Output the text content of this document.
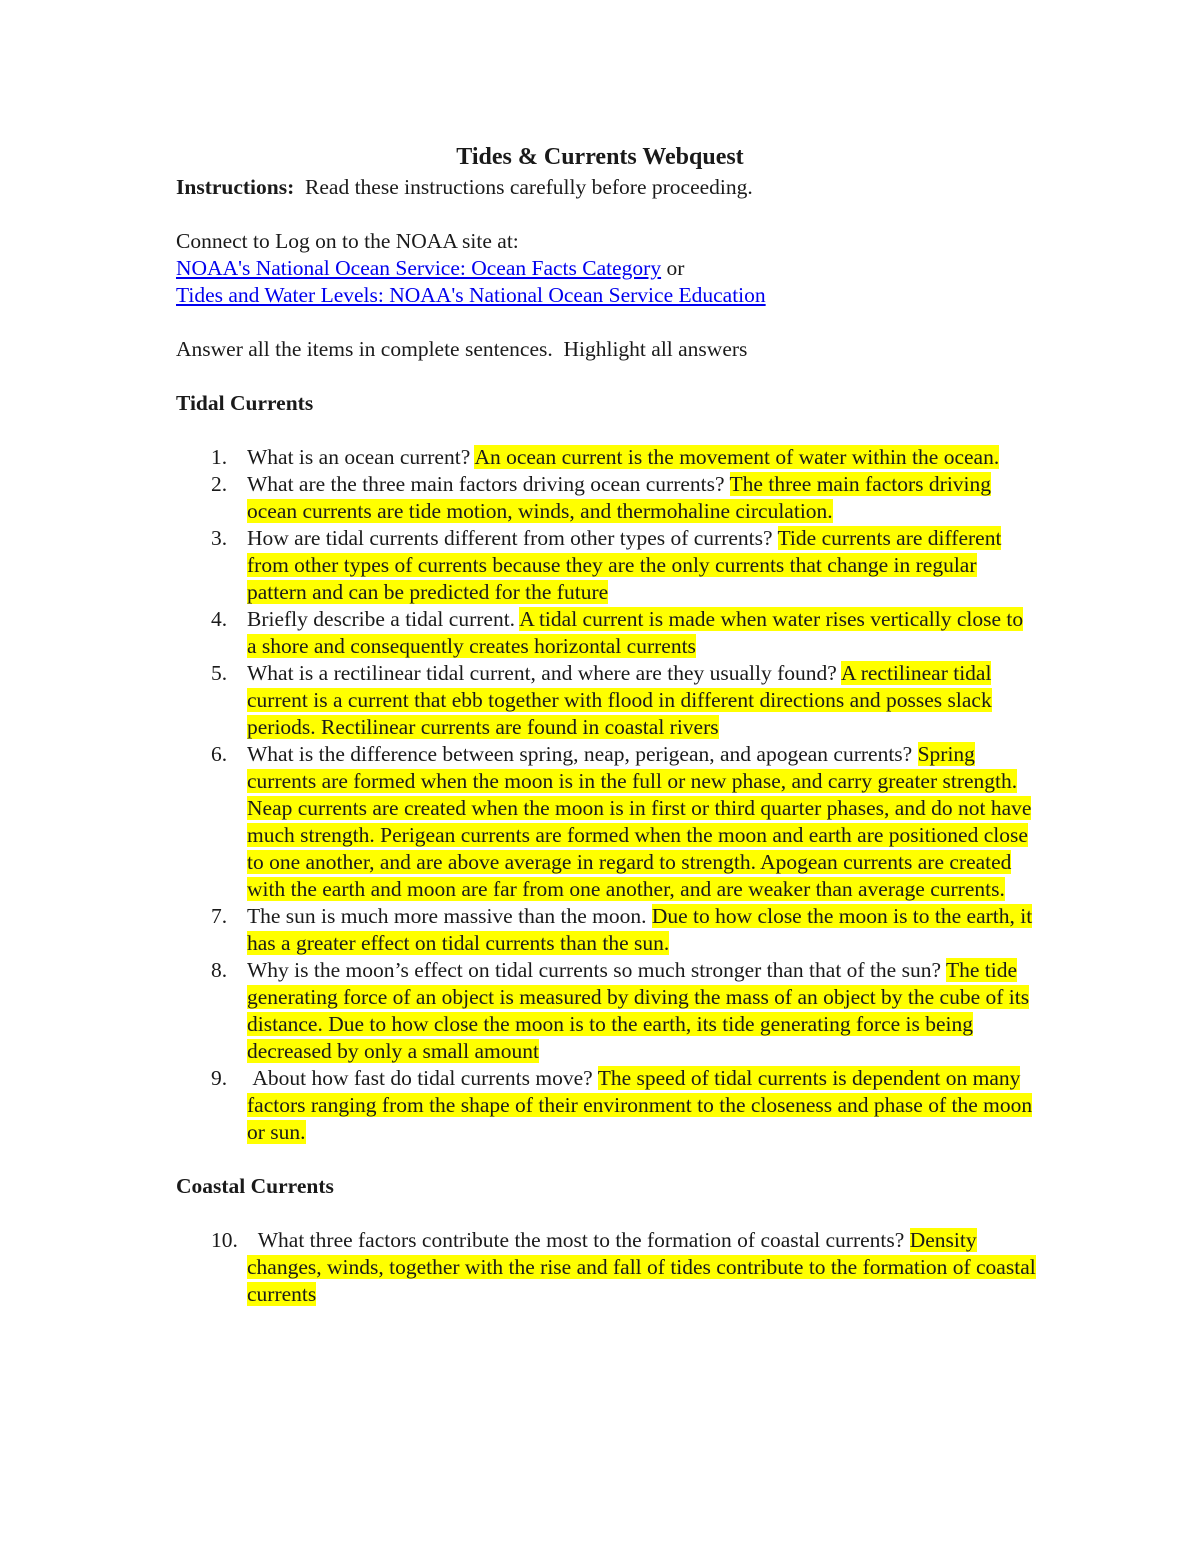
Tides & Currents Webquest

Instructions:  Read these instructions carefully before proceeding.

Connect to Log on to the NOAA site at:

NOAA's National Ocean Service: Ocean Facts Category or

Tides and Water Levels: NOAA's National Ocean Service Education

Answer all the items in complete sentences.  Highlight all answers

Tidal Currents

1. What is an ocean current? An ocean current is the movement of water within the ocean.
2. What are the three main factors driving ocean currents? The three main factors driving ocean currents are tide motion, winds, and thermohaline circulation.
3. How are tidal currents different from other types of currents? Tide currents are different from other types of currents because they are the only currents that change in regular pattern and can be predicted for the future
4. Briefly describe a tidal current. A tidal current is made when water rises vertically close to a shore and consequently creates horizontal currents
5. What is a rectilinear tidal current, and where are they usually found? A rectilinear tidal current is a current that ebb together with flood in different directions and posses slack periods. Rectilinear currents are found in coastal rivers
6. What is the difference between spring, neap, perigean, and apogean currents? Spring currents are formed when the moon is in the full or new phase, and carry greater strength. Neap currents are created when the moon is in first or third quarter phases, and do not have much strength. Perigean currents are formed when the moon and earth are positioned close to one another, and are above average in regard to strength. Apogean currents are created with the earth and moon are far from one another, and are weaker than average currents.
7. The sun is much more massive than the moon. Due to how close the moon is to the earth, it has a greater effect on tidal currents than the sun.
8. Why is the moon’s effect on tidal currents so much stronger than that of the sun? The tide generating force of an object is measured by diving the mass of an object by the cube of its distance. Due to how close the moon is to the earth, its tide generating force is being decreased by only a small amount
9. About how fast do tidal currents move? The speed of tidal currents is dependent on many factors ranging from the shape of their environment to the closeness and phase of the moon or sun.

Coastal Currents

10. What three factors contribute the most to the formation of coastal currents? Density changes, winds, together with the rise and fall of tides contribute to the formation of coastal currents
